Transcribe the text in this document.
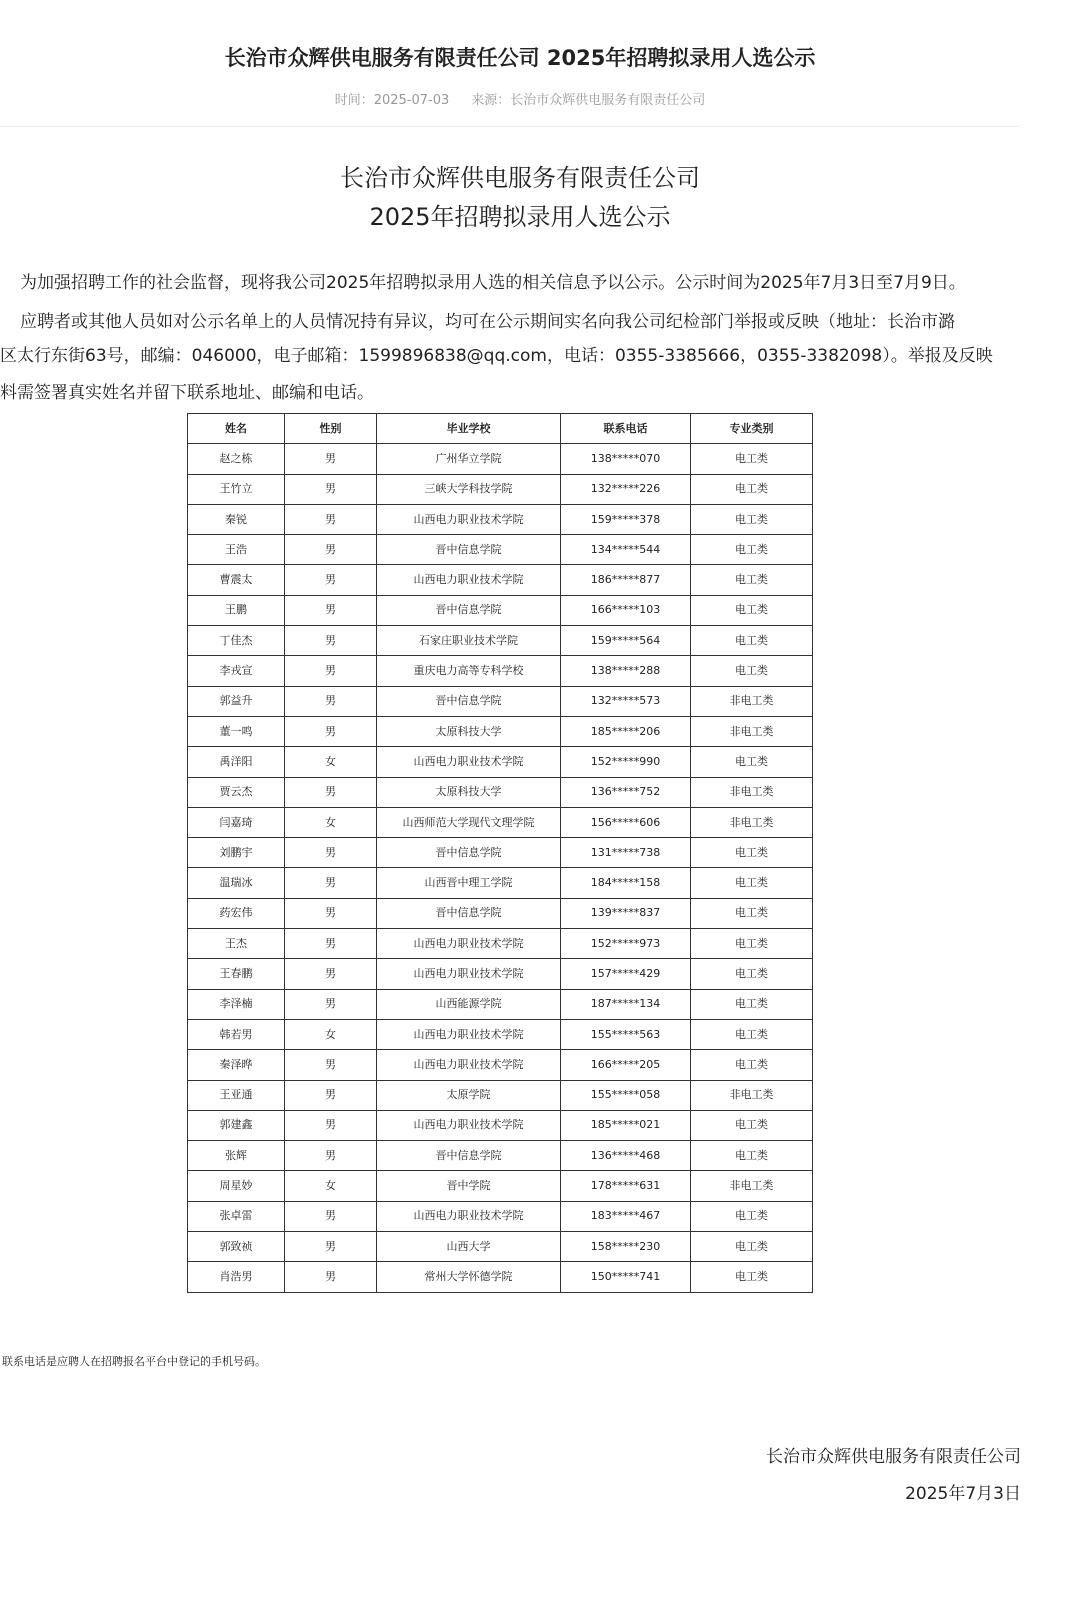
长治市众辉供电服务有限责任公司 2025年招聘拟录用人选公示
时间：2025-07-03 来源：长治市众辉供电服务有限责任公司
长治市众辉供电服务有限责任公司
2025年招聘拟录用人选公示
为加强招聘工作的社会监督，现将我公司2025年招聘拟录用人选的相关信息予以公示。公示时间为2025年7月3日至7月9日。
应聘者或其他人员如对公示名单上的人员情况持有异议，均可在公示期间实名向我公司纪检部门举报或反映（地址：长治市潞
区太行东街63号，邮编：046000，电子邮箱：1599896838@qq.com，电话：0355-3385666，0355-3382098）。举报及反映
料需签署真实姓名并留下联系地址、邮编和电话。
姓名	性别	毕业学校	联系电话	专业类别
赵之栋	男	广州华立学院	138*****070	电工类
王竹立	男	三峡大学科技学院	132*****226	电工类
秦锐	男	山西电力职业技术学院	159*****378	电工类
王浩	男	晋中信息学院	134*****544	电工类
曹震太	男	山西电力职业技术学院	186*****877	电工类
王鹏	男	晋中信息学院	166*****103	电工类
丁佳杰	男	石家庄职业技术学院	159*****564	电工类
李戎宣	男	重庆电力高等专科学校	138*****288	电工类
郭益升	男	晋中信息学院	132*****573	非电工类
董一鸣	男	太原科技大学	185*****206	非电工类
禹洋阳	女	山西电力职业技术学院	152*****990	电工类
贾云杰	男	太原科技大学	136*****752	非电工类
闫嘉琦	女	山西师范大学现代文理学院	156*****606	非电工类
刘鹏宇	男	晋中信息学院	131*****738	电工类
温瑞冰	男	山西晋中理工学院	184*****158	电工类
药宏伟	男	晋中信息学院	139*****837	电工类
王杰	男	山西电力职业技术学院	152*****973	电工类
王春鹏	男	山西电力职业技术学院	157*****429	电工类
李泽楠	男	山西能源学院	187*****134	电工类
韩若男	女	山西电力职业技术学院	155*****563	电工类
秦泽晔	男	山西电力职业技术学院	166*****205	电工类
王亚通	男	太原学院	155*****058	非电工类
郭建鑫	男	山西电力职业技术学院	185*****021	电工类
张辉	男	晋中信息学院	136*****468	电工类
周星妙	女	晋中学院	178*****631	非电工类
张卓雷	男	山西电力职业技术学院	183*****467	电工类
郭致祯	男	山西大学	158*****230	电工类
肖浩男	男	常州大学怀德学院	150*****741	电工类
联系电话是应聘人在招聘报名平台中登记的手机号码。
长治市众辉供电服务有限责任公司
2025年7月3日
